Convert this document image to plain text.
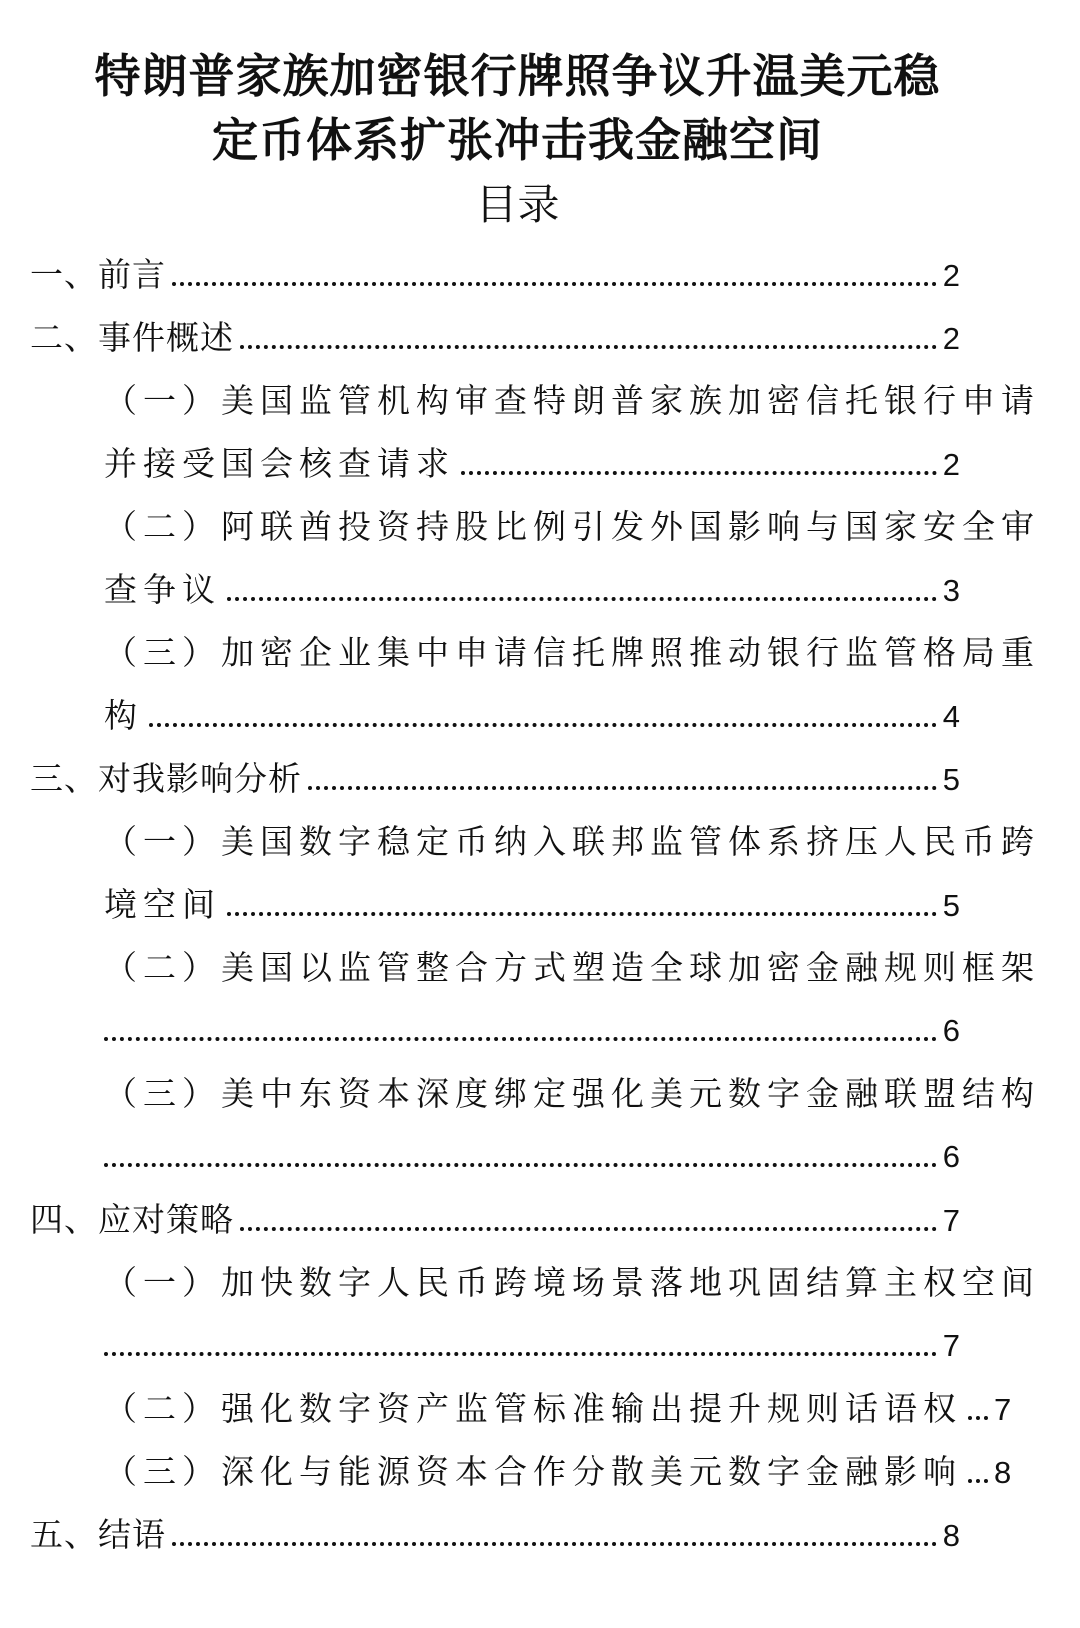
特朗普家族加密银行牌照争议升温美元稳
定币体系扩张冲击我金融空间
目录
一、前言	2
二、事件概述	2
（一）美国监管机构审查特朗普家族加密信托银行申请
并接受国会核查请求	2
（二）阿联酋投资持股比例引发外国影响与国家安全审
查争议	3
（三）加密企业集中申请信托牌照推动银行监管格局重
构	4
三、对我影响分析	5
（一）美国数字稳定币纳入联邦监管体系挤压人民币跨
境空间	5
（二）美国以监管整合方式塑造全球加密金融规则框架
6
（三）美中东资本深度绑定强化美元数字金融联盟结构
6
四、应对策略	7
（一）加快数字人民币跨境场景落地巩固结算主权空间
7
（二）强化数字资产监管标准输出提升规则话语权 7
（三）深化与能源资本合作分散美元数字金融影响 8
五、结语	8
